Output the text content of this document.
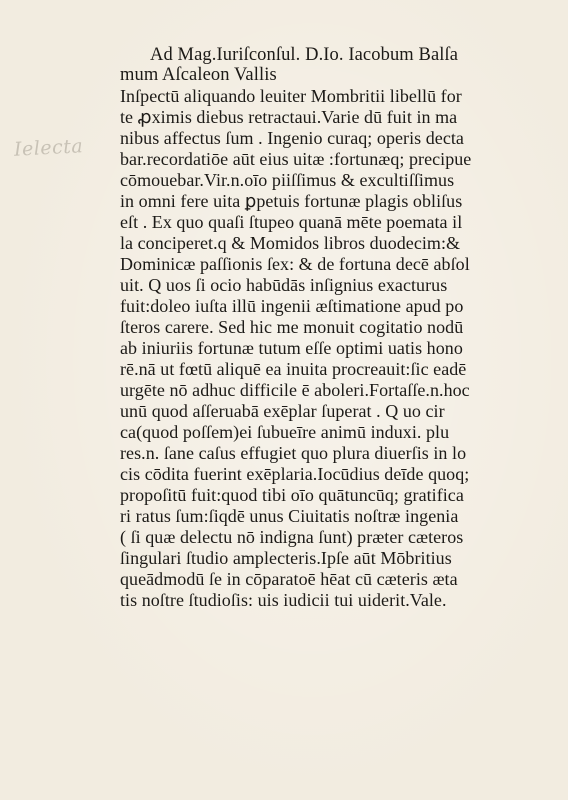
Ielecta

Ad Mag.Iuriſconſul. D.Io. Iacobum Balſa

mum Aſcaleon Vallis

Inſpectū aliquando leuiter Mombritii libellū for

te ꝓximis diebus retractaui.Varie dū fuit in ma

nibus affectus ſum . Ingenio curaq; operis decta

bar.recordatiōe aūt eius uitæ :fortunæq; precipue

cōmouebar.Vir.n.oīo piiſſimus & excultiſſimus

in omni fere uita ꝑpetuis fortunæ plagis obliſus

eſt . Ex quo quaſi ſtupeo quanā mēte poemata il

la conciperet.q & Momidos libros duodecim:&

Dominicæ paſſionis ſex: & de fortuna decē abſol

uit. Q uos ſi ocio habūdās inſignius exacturus

fuit:doleo iuſta illū ingenii æſtimatione apud po

ſteros carere. Sed hic me monuit cogitatio nodū

ab iniuriis fortunæ tutum eſſe optimi uatis hono

rē.nā ut fœtū aliquē ea inuita procreauit:ſic eadē

urgēte nō adhuc difficile ē aboleri.Fortaſſe.n.hoc

unū quod aſſeruabā exēplar ſuperat . Q uo cir

ca(quod poſſem)ei ſubueīre animū induxi. plu

res.n. ſane caſus effugiet quo plura diuerſis in lo

cis cōdita fuerint exēplaria.Iocūdius deīde quoq;

propoſitū fuit:quod tibi oīo quātuncūq; gratifica

ri ratus ſum:ſiqdē unus Ciuitatis noſtræ ingenia

( ſi quæ delectu nō indigna ſunt) præter cæteros

ſingulari ſtudio amplecteris.Ipſe aūt Mōbritius

queādmodū ſe in cōparatoē hēat cū cæteris æta

tis noſtre ſtudioſis: uis iudicii tui uiderit.Vale.
